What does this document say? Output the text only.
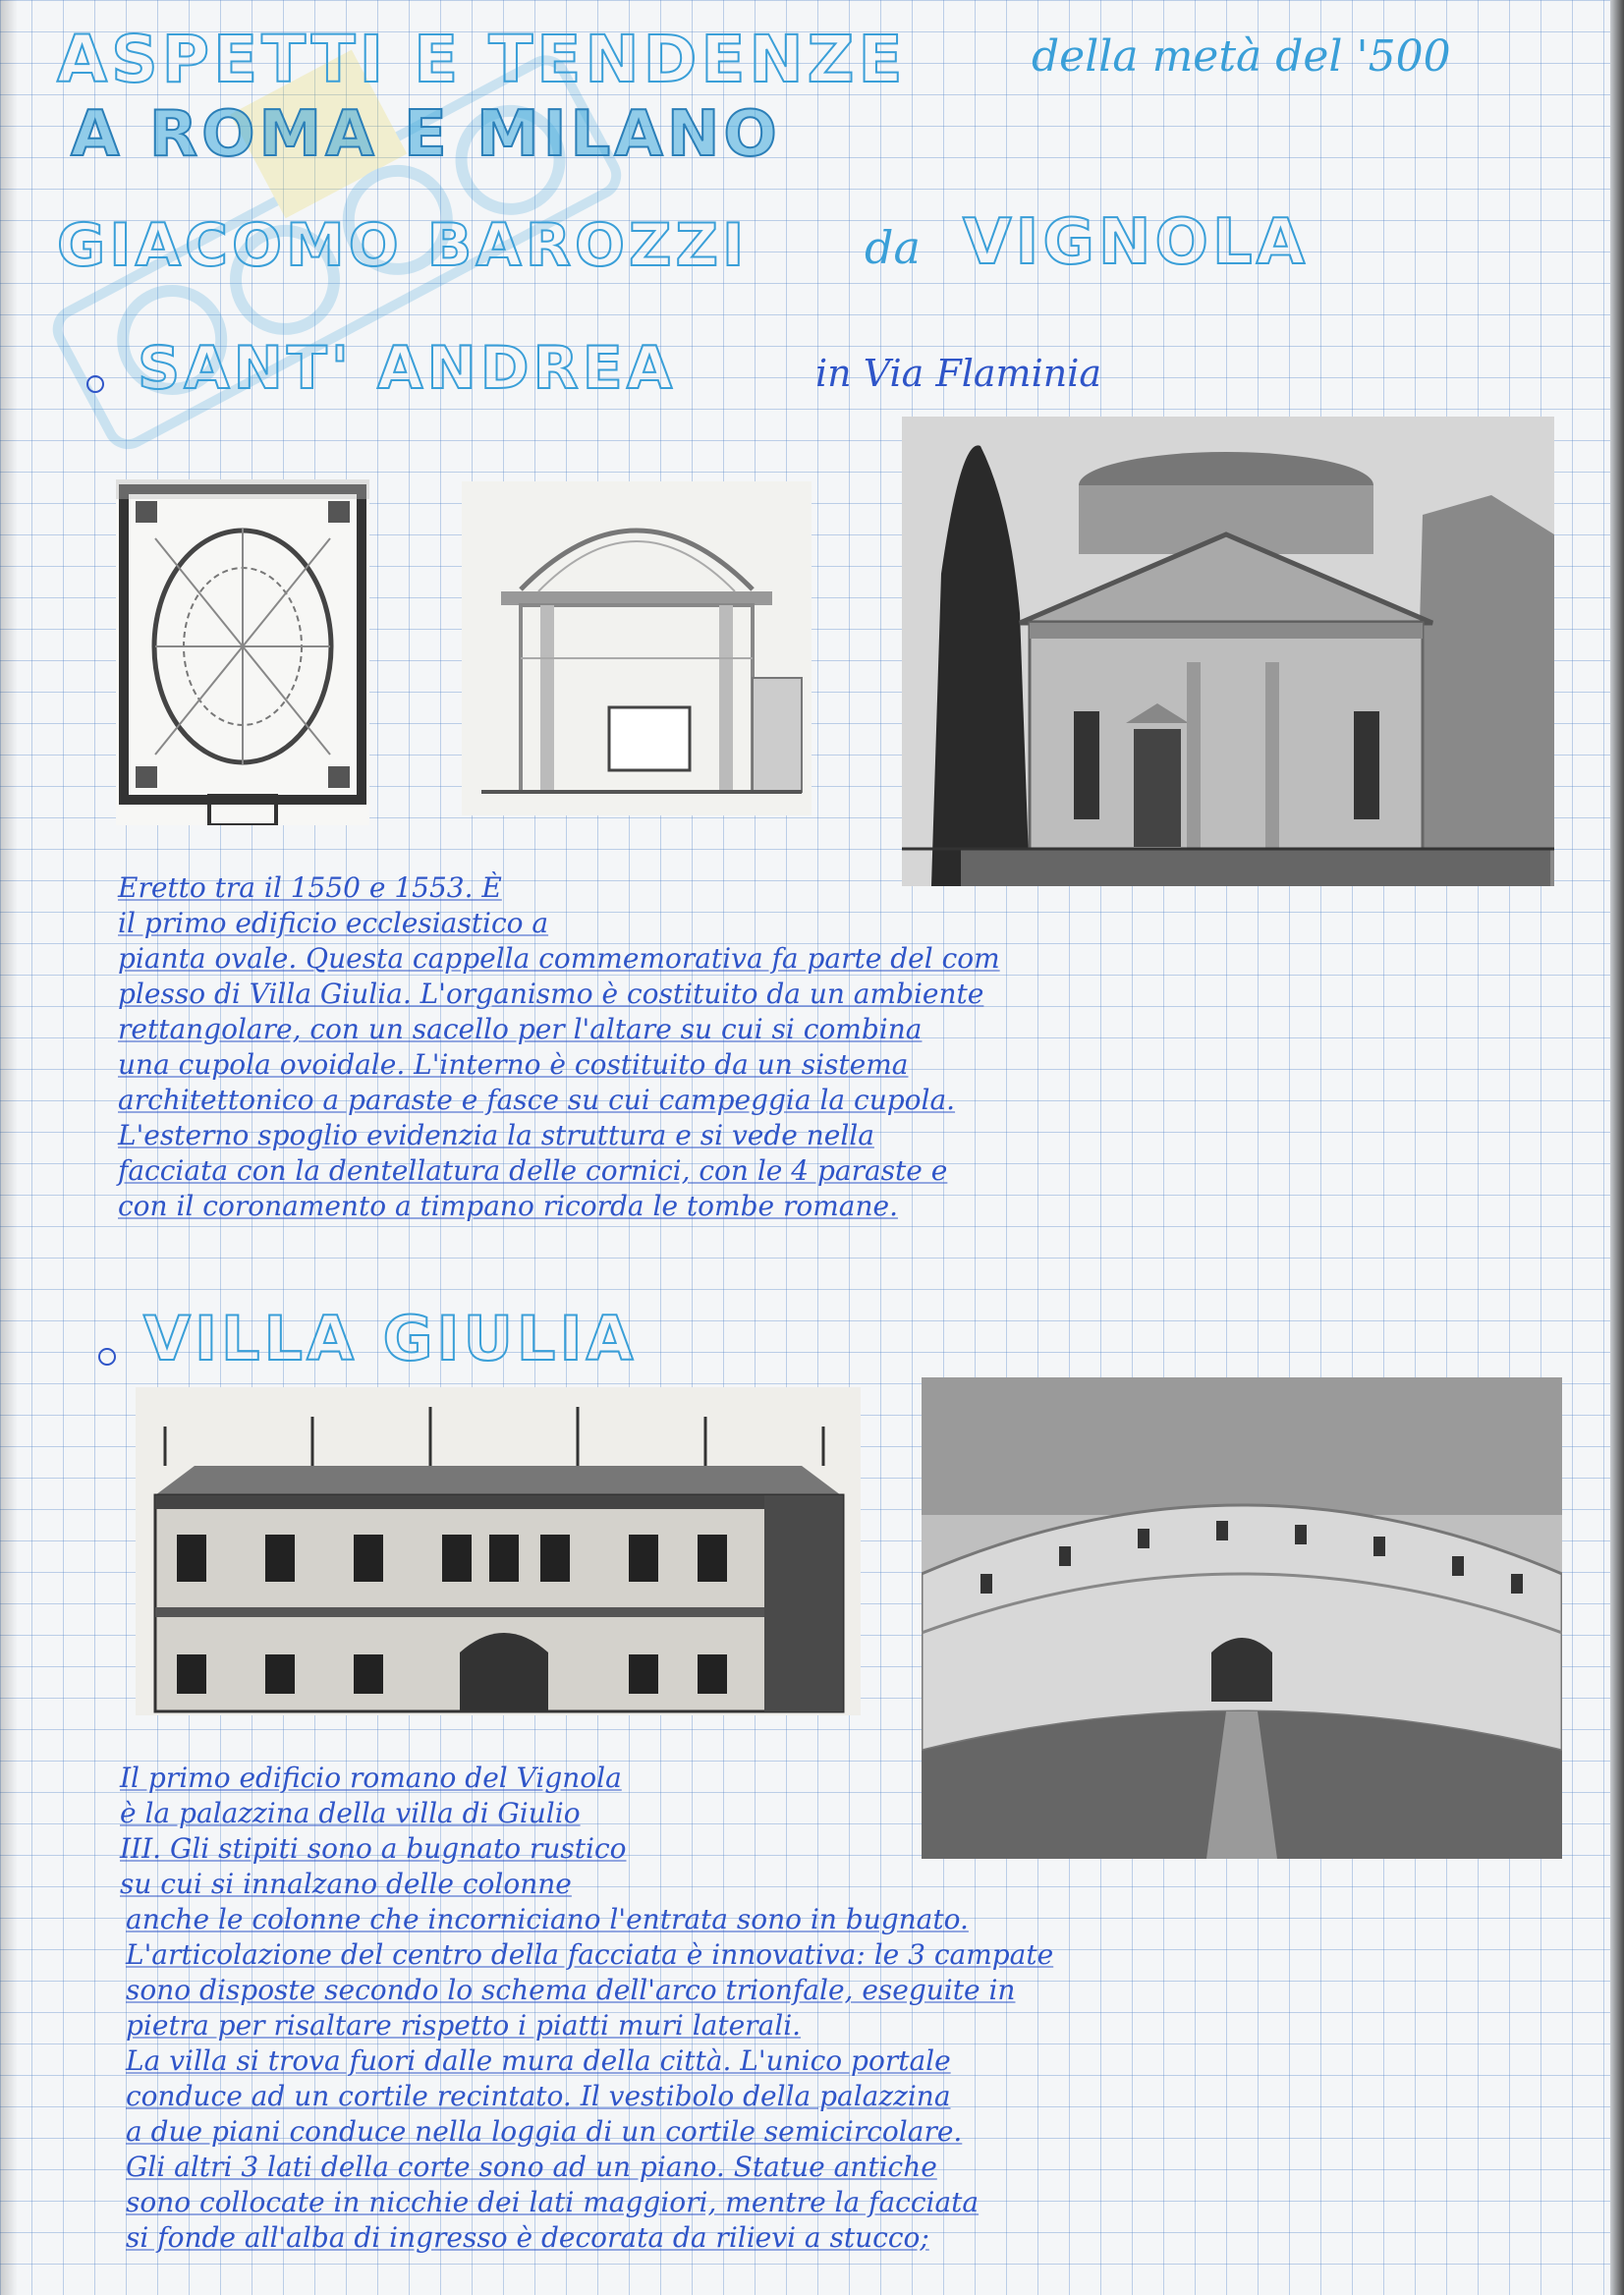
ASPETTI E TENDENZE	della metà del '500
A ROMA E MILANO
GIACOMO BAROZZI	da VIGNOLA
SANT' ANDREA	in Via Flaminia
Eretto tra il 1550 e 1553. È
il primo edificio ecclesiastico a
pianta ovale. Questa cappella commemorativa fa parte del com
plesso di Villa Giulia. L'organismo è costituito da un ambiente
rettangolare, con un sacello per l'altare su cui si combina
una cupola ovoidale. L'interno è costituito da un sistema
architettonico a paraste e fasce su cui campeggia la cupola.
L'esterno spoglio evidenzia la struttura e si vede nella
facciata con la dentellatura delle cornici, con le 4 paraste e
con il coronamento a timpano ricorda le tombe romane.
VILLA GIULIA
Il primo edificio romano del Vignola
è la palazzina della villa di Giulio
III. Gli stipiti sono a bugnato rustico
su cui si innalzano delle colonne
anche le colonne che incorniciano l'entrata sono in bugnato.
L'articolazione del centro della facciata è innovativa: le 3 campate
sono disposte secondo lo schema dell'arco trionfale, eseguite in
pietra per risaltare rispetto i piatti muri laterali.
La villa si trova fuori dalle mura della città. L'unico portale
conduce ad un cortile recintato. Il vestibolo della palazzina
a due piani conduce nella loggia di un cortile semicircolare.
Gli altri 3 lati della corte sono ad un piano. Statue antiche
sono collocate in nicchie dei lati maggiori, mentre la facciata
si fonde all'alba di ingresso è decorata da rilievi a stucco;
